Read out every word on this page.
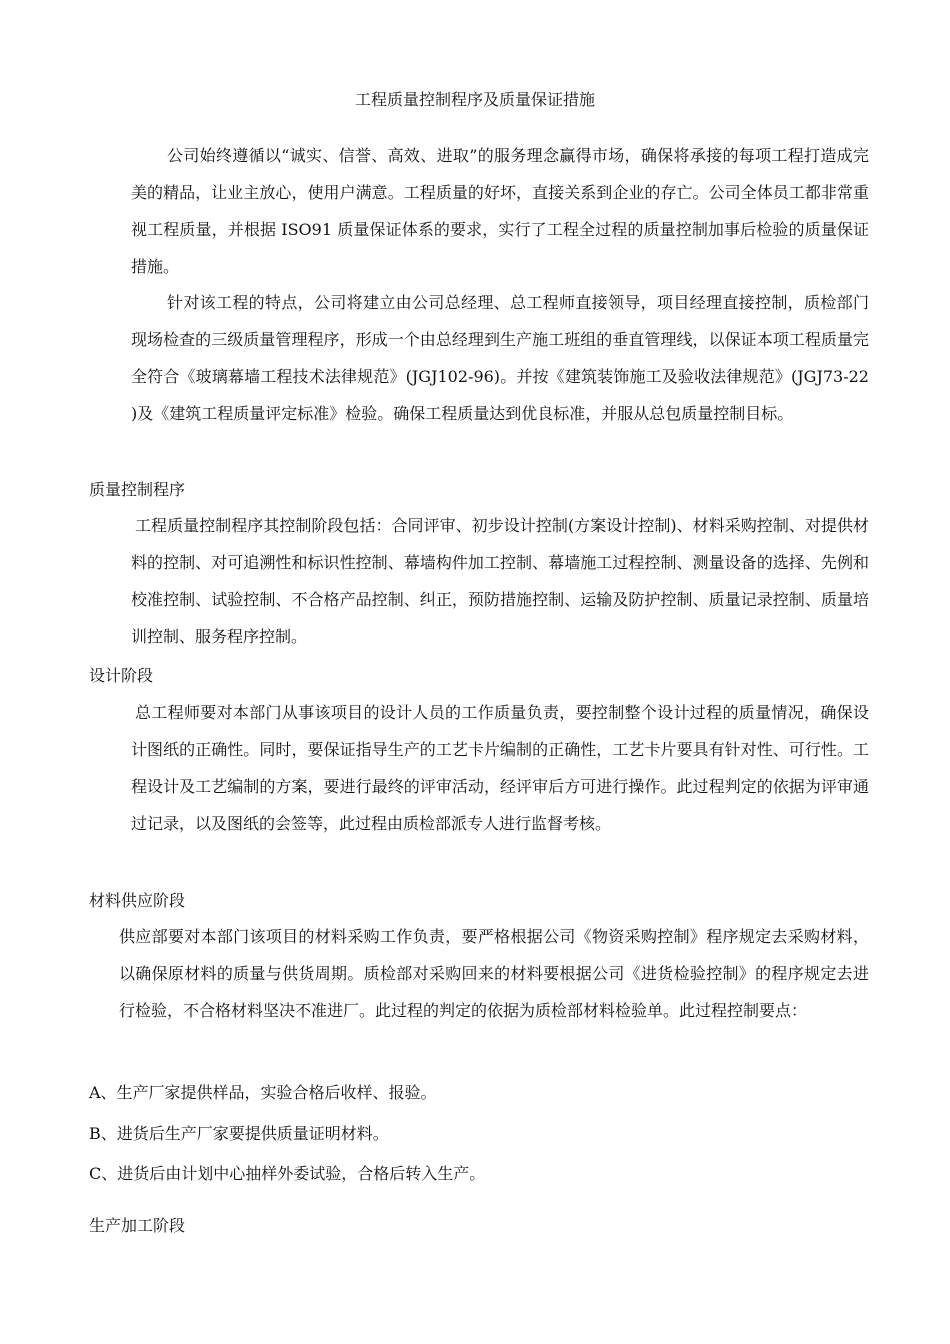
工程质量控制程序及质量保证措施

公司始终遵循以“诚实、信誉、高效、进取”的服务理念赢得市场，确保将承接的每项工程打造成完美的精品，让业主放心，使用户满意。工程质量的好坏，直接关系到企业的存亡。公司全体员工都非常重视工程质量，并根据 ISO91 质量保证体系的要求，实行了工程全过程的质量控制加事后检验的质量保证措施。

针对该工程的特点，公司将建立由公司总经理、总工程师直接领导，项目经理直接控制，质检部门现场检查的三级质量管理程序，形成一个由总经理到生产施工班组的垂直管理线，以保证本项工程质量完全符合《玻璃幕墙工程技术法律规范》(JGJ102-96)。并按《建筑装饰施工及验收法律规范》(JGJ73-22 )及《建筑工程质量评定标准》检验。确保工程质量达到优良标准，并服从总包质量控制目标。

质量控制程序

工程质量控制程序其控制阶段包括：合同评审、初步设计控制(方案设计控制)、材料采购控制、对提供材料的控制、对可追溯性和标识性控制、幕墙构件加工控制、幕墙施工过程控制、测量设备的选择、先例和校准控制、试验控制、不合格产品控制、纠正，预防措施控制、运输及防护控制、质量记录控制、质量培训控制、服务程序控制。

设计阶段

总工程师要对本部门从事该项目的设计人员的工作质量负责，要控制整个设计过程的质量情况，确保设计图纸的正确性。同时，要保证指导生产的工艺卡片编制的正确性，工艺卡片要具有针对性、可行性。工程设计及工艺编制的方案，要进行最终的评审活动，经评审后方可进行操作。此过程判定的依据为评审通过记录，以及图纸的会签等，此过程由质检部派专人进行监督考核。

材料供应阶段

供应部要对本部门该项目的材料采购工作负责，要严格根据公司《物资采购控制》程序规定去采购材料，以确保原材料的质量与供货周期。质检部对采购回来的材料要根据公司《进货检验控制》的程序规定去进行检验，不合格材料坚决不准进厂。此过程的判定的依据为质检部材料检验单。此过程控制要点：

A、生产厂家提供样品，实验合格后收样、报验。
B、进货后生产厂家要提供质量证明材料。
C、进货后由计划中心抽样外委试验，合格后转入生产。
生产加工阶段
